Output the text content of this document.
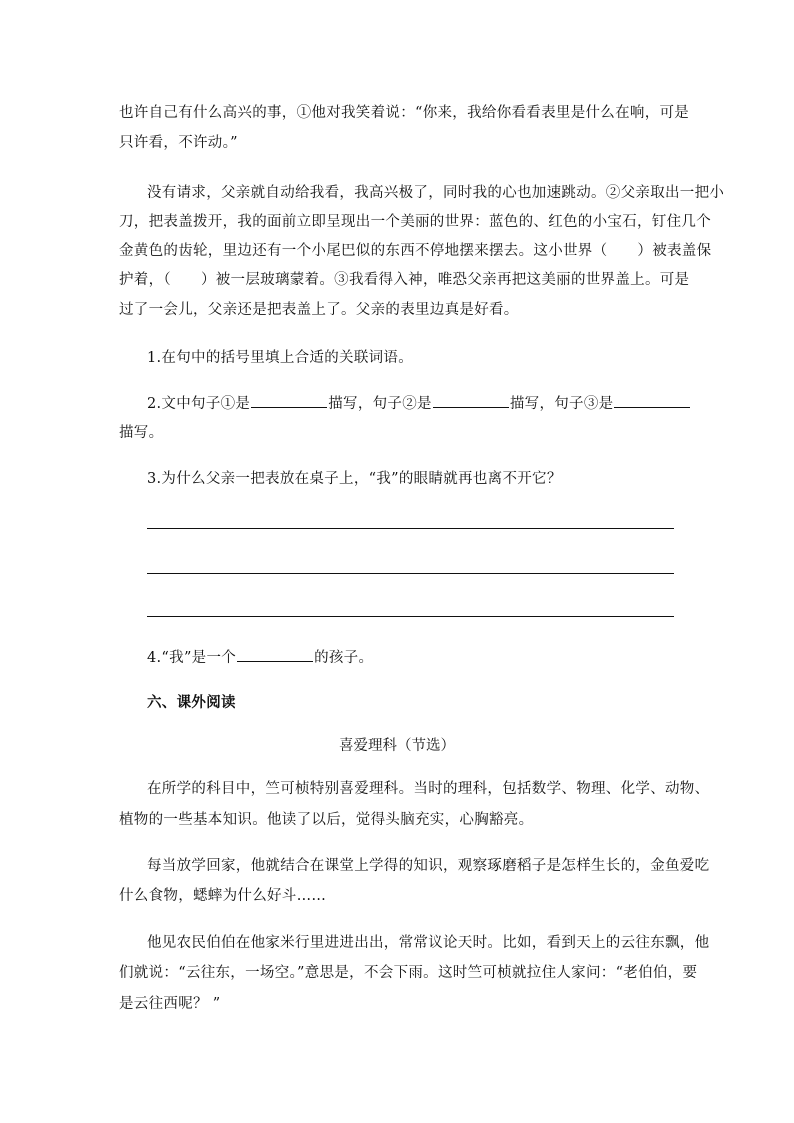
也许自己有什么高兴的事，①他对我笑着说：“你来，我给你看看表里是什么在响，可是
只许看，不许动。”
没有请求，父亲就自动给我看，我高兴极了，同时我的心也加速跳动。②父亲取出一把小
刀，把表盖拨开，我的面前立即呈现出一个美丽的世界：蓝色的、红色的小宝石，钉住几个
金黄色的齿轮，里边还有一个小尾巴似的东西不停地摆来摆去。这小世界（ ）被表盖保
护着，（ ）被一层玻璃蒙着。③我看得入神，唯恐父亲再把这美丽的世界盖上。可是
过了一会儿，父亲还是把表盖上了。父亲的表里边真是好看。
1.在句中的括号里填上合适的关联词语。
2.文中句子①是	描写，句子②是	描写，句子③是
描写。
3.为什么父亲一把表放在桌子上，“我”的眼睛就再也离不开它？
4.“我”是一个	的孩子。
六、课外阅读
喜爱理科（节选）
在所学的科目中，竺可桢特别喜爱理科。当时的理科，包括数学、物理、化学、动物、
植物的一些基本知识。他读了以后，觉得头脑充实，心胸豁亮。
每当放学回家，他就结合在课堂上学得的知识，观察琢磨稻子是怎样生长的，金鱼爱吃
什么食物，蟋蟀为什么好斗……
他见农民伯伯在他家米行里进进出出，常常议论天时。比如，看到天上的云往东飘，他
们就说：“云往东，一场空。”意思是，不会下雨。这时竺可桢就拉住人家问：“老伯伯，要
是云往西呢？ ”
